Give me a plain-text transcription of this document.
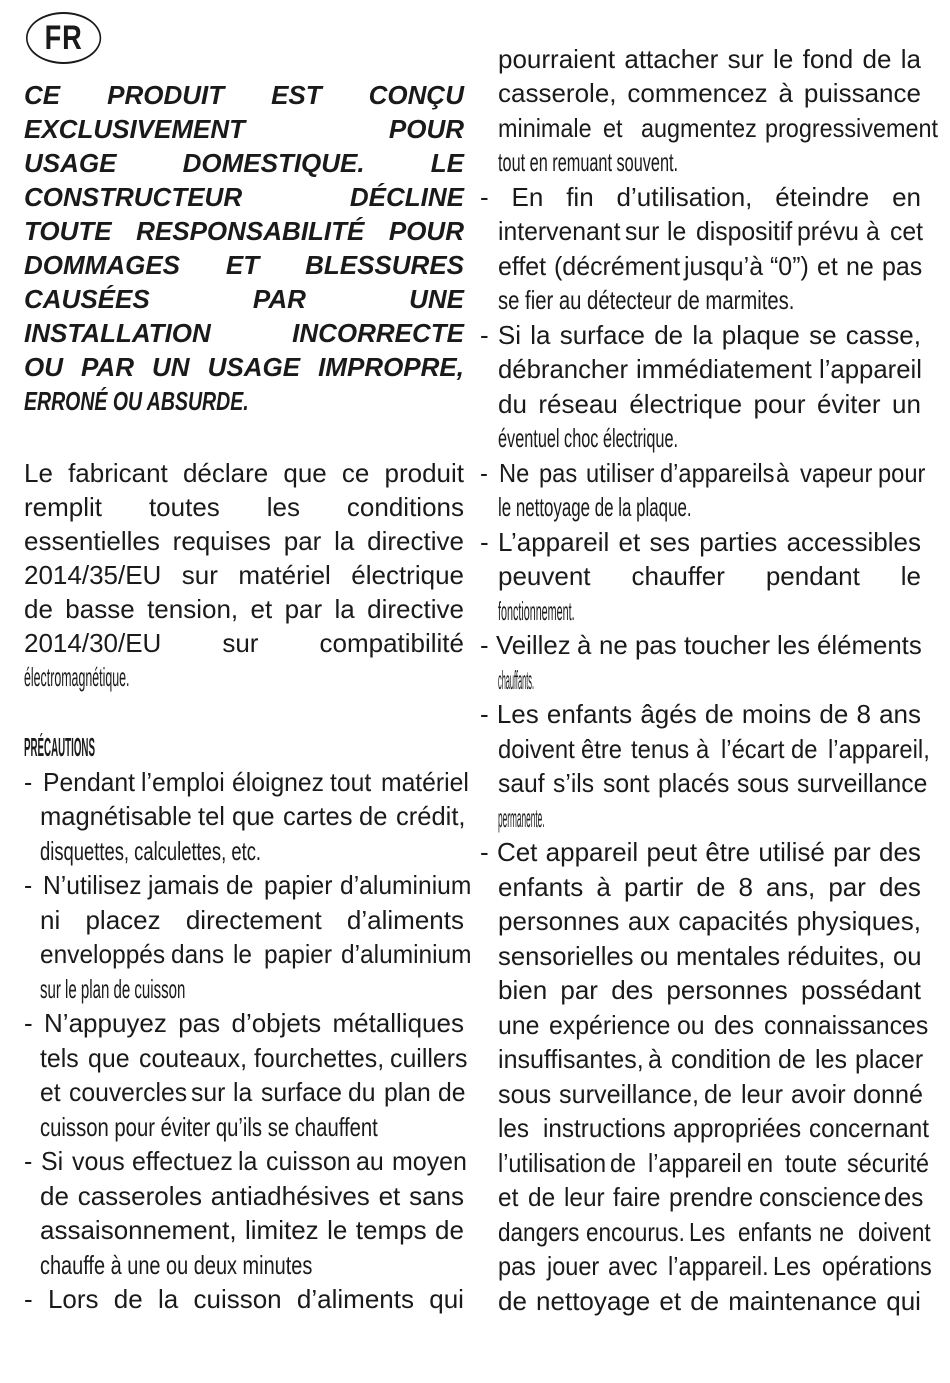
FR
CE PRODUIT EST CONÇU
EXCLUSIVEMENT	POUR
USAGE	DOMESTIQUE.	LE
CONSTRUCTEUR	DÉCLINE
TOUTE RESPONSABILITÉ POUR
DOMMAGES ET BLESSURES
CAUSÉES	PAR	UNE
INSTALLATION	INCORRECTE
OU PAR UN USAGE IMPROPRE,
ERRONÉ OU ABSURDE.
Le fabricant déclare que ce produit
remplit toutes les conditions
essentielles requises par la directive
2014/35/EU sur matériel électrique
de basse tension, et par la directive
2014/30/EU sur compatibilité
électromagnétique.
PRÉCAUTIONS
- Pendant l’emploi éloignez tout matériel
magnétisable tel que cartes de crédit,
disquettes, calculettes, etc.
- N’utilisez jamais de papier d’aluminium
ni placez directement d’aliments
enveloppés dans le papier d’aluminium
sur le plan de cuisson
- N’appuyez pas d’objets métalliques
tels que couteaux, fourchettes, cuillers
et couvercles sur la surface du plan de
cuisson pour éviter qu’ils se chauffent
- Si vous effectuez la cuisson au moyen
de casseroles antiadhésives et sans
assaisonnement, limitez le temps de
chauffe à une ou deux minutes
- Lors de la cuisson d’aliments qui
pourraient attacher sur le fond de la
casserole, commencez à puissance
minimale et augmentez progressivement
tout en remuant souvent.
- En fin d’utilisation, éteindre en
intervenant sur le dispositif prévu à cet
effet (décrément jusqu’à “0”) et ne pas
se fier au détecteur de marmites.
- Si la surface de la plaque se casse,
débrancher immédiatement l’appareil
du réseau électrique pour éviter un
éventuel choc électrique.
- Ne pas utiliser d’appareils à vapeur pour
le nettoyage de la plaque.
- L’appareil et ses parties accessibles
peuvent chauffer pendant le
fonctionnement.
- Veillez à ne pas toucher les éléments
chauffants.
- Les enfants âgés de moins de 8 ans
doivent être tenus à l’écart de l’appareil,
sauf s’ils sont placés sous surveillance
permanente.
- Cet appareil peut être utilisé par des
enfants à partir de 8 ans, par des
personnes aux capacités physiques,
sensorielles ou mentales réduites, ou
bien par des personnes possédant
une expérience ou des connaissances
insuffisantes, à condition de les placer
sous surveillance, de leur avoir donné
les instructions appropriées concernant
l’utilisation de l’appareil en toute sécurité
et de leur faire prendre conscience des
dangers encourus. Les enfants ne doivent
pas jouer avec l’appareil. Les opérations
de nettoyage et de maintenance qui
